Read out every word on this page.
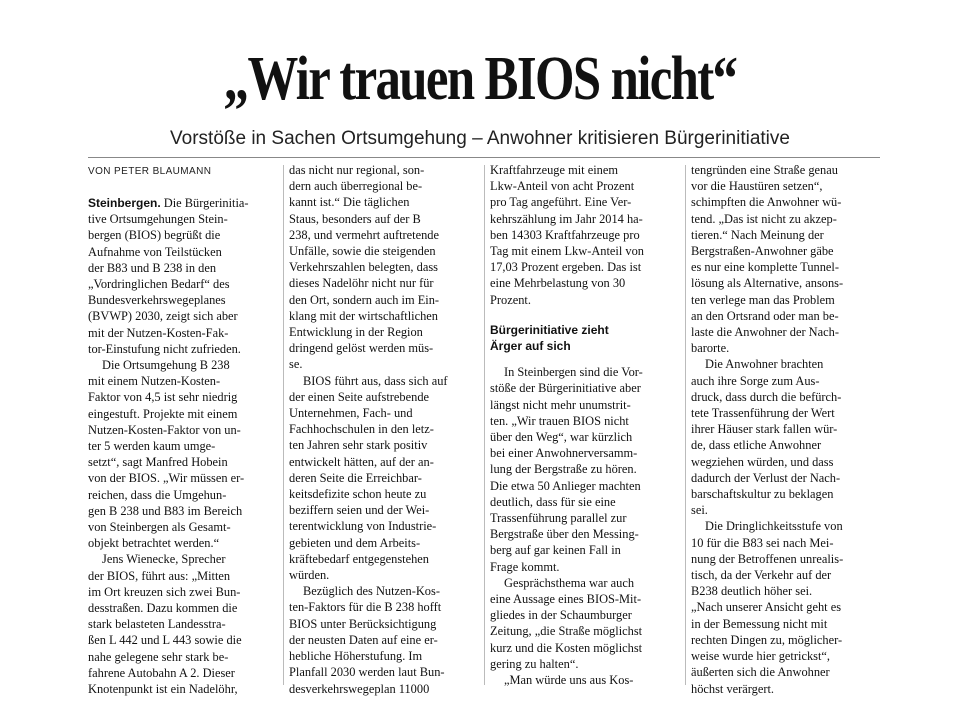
„Wir trauen BIOS nicht“
Vorstöße in Sachen Ortsumgehung – Anwohner kritisieren Bürgerinitiative
VON PETER BLAUMANN

Steinbergen. Die Bürgerinitia-

tive Ortsumgehungen Stein-

bergen (BIOS) begrüßt die

Aufnahme von Teilstücken

der B83 und B 238 in den

„Vordringlichen Bedarf“ des

Bundesverkehrswegeplanes

(BVWP) 2030, zeigt sich aber

mit der Nutzen-Kosten-Fak-

tor-Einstufung nicht zufrieden.

Die Ortsumgehung B 238

mit einem Nutzen-Kosten-

Faktor von 4,5 ist sehr niedrig

eingestuft. Projekte mit einem

Nutzen-Kosten-Faktor von un-

ter 5 werden kaum umge-

setzt“, sagt Manfred Hobein

von der BIOS. „Wir müssen er-

reichen, dass die Umgehun-

gen B 238 und B83 im Bereich

von Steinbergen als Gesamt-

objekt betrachtet werden.“

Jens Wienecke, Sprecher

der BIOS, führt aus: „Mitten

im Ort kreuzen sich zwei Bun-

desstraßen. Dazu kommen die

stark belasteten Landesstra-

ßen L 442 und L 443 sowie die

nahe gelegene sehr stark be-

fahrene Autobahn A 2. Dieser

Knotenpunkt ist ein Nadelöhr,

das nicht nur regional, son-

dern auch überregional be-

kannt ist.“ Die täglichen

Staus, besonders auf der B

238, und vermehrt auftretende

Unfälle, sowie die steigenden

Verkehrszahlen belegten, dass

dieses Nadelöhr nicht nur für

den Ort, sondern auch im Ein-

klang mit der wirtschaftlichen

Entwicklung in der Region

dringend gelöst werden müs-

se.

BIOS führt aus, dass sich auf

der einen Seite aufstrebende

Unternehmen, Fach- und

Fachhochschulen in den letz-

ten Jahren sehr stark positiv

entwickelt hätten, auf der an-

deren Seite die Erreichbar-

keitsdefizite schon heute zu

beziffern seien und der Wei-

terentwicklung von Industrie-

gebieten und dem Arbeits-

kräftebedarf entgegenstehen

würden.

Bezüglich des Nutzen-Kos-

ten-Faktors für die B 238 hofft

BIOS unter Berücksichtigung

der neusten Daten auf eine er-

hebliche Höherstufung. Im

Planfall 2030 werden laut Bun-

desverkehrswegeplan 11000

Kraftfahrzeuge mit einem

Lkw-Anteil von acht Prozent

pro Tag angeführt. Eine Ver-

kehrszählung im Jahr 2014 ha-

ben 14303 Kraftfahrzeuge pro

Tag mit einem Lkw-Anteil von

17,03 Prozent ergeben. Das ist

eine Mehrbelastung von 30

Prozent.

Bürgerinitiative zieht

Ärger auf sich

In Steinbergen sind die Vor-

stöße der Bürgerinitiative aber

längst nicht mehr unumstrit-

ten. „Wir trauen BIOS nicht

über den Weg“, war kürzlich

bei einer Anwohnerversamm-

lung der Bergstraße zu hören.

Die etwa 50 Anlieger machten

deutlich, dass für sie eine

Trassenführung parallel zur

Bergstraße über den Messing-

berg auf gar keinen Fall in

Frage kommt.

Gesprächsthema war auch

eine Aussage eines BIOS-Mit-

gliedes in der Schaumburger

Zeitung, „die Straße möglichst

kurz und die Kosten möglichst

gering zu halten“.

„Man würde uns aus Kos-

tengründen eine Straße genau

vor die Haustüren setzen“,

schimpften die Anwohner wü-

tend. „Das ist nicht zu akzep-

tieren.“ Nach Meinung der

Bergstraßen-Anwohner gäbe

es nur eine komplette Tunnel-

lösung als Alternative, ansons-

ten verlege man das Problem

an den Ortsrand oder man be-

laste die Anwohner der Nach-

barorte.

Die Anwohner brachten

auch ihre Sorge zum Aus-

druck, dass durch die befürch-

tete Trassenführung der Wert

ihrer Häuser stark fallen wür-

de, dass etliche Anwohner

wegziehen würden, und dass

dadurch der Verlust der Nach-

barschaftskultur zu beklagen

sei.

Die Dringlichkeitsstufe von

10 für die B83 sei nach Mei-

nung der Betroffenen unrealis-

tisch, da der Verkehr auf der

B238 deutlich höher sei.

„Nach unserer Ansicht geht es

in der Bemessung nicht mit

rechten Dingen zu, möglicher-

weise wurde hier getrickst“,

äußerten sich die Anwohner

höchst verärgert.
